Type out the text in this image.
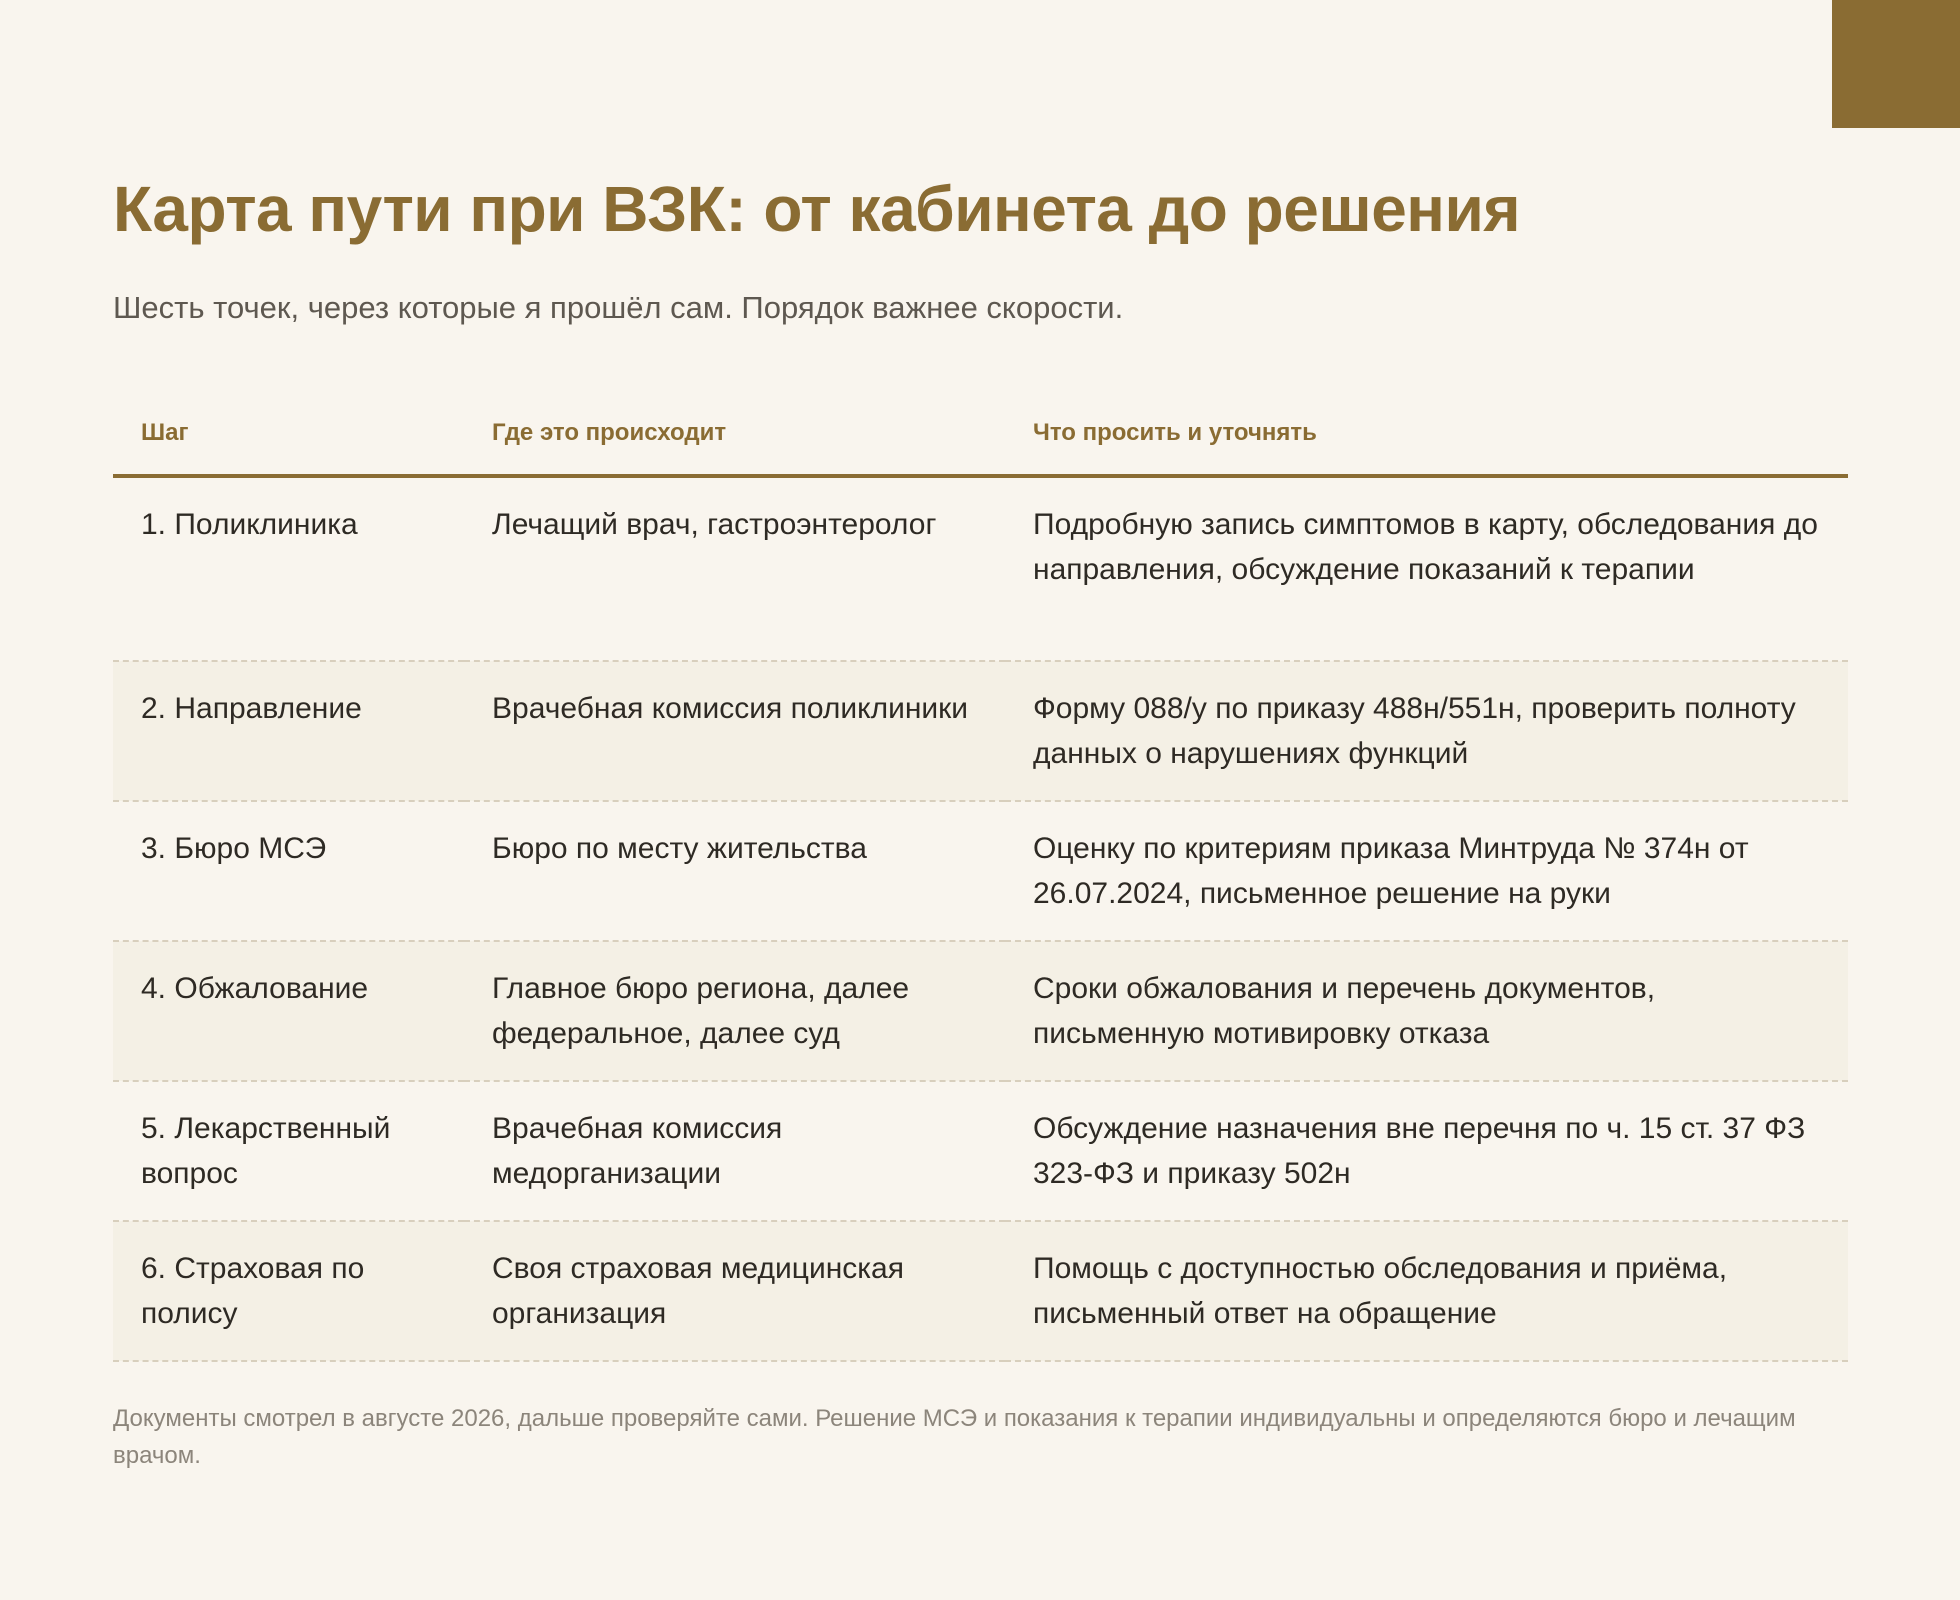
Карта пути при ВЗК: от кабинета до решения
Шесть точек, через которые я прошёл сам. Порядок важнее скорости.
Шаг	Где это происходит	Что просить и уточнять
1. Поликлиника	Лечащий врач, гастроэнтеролог	Подробную запись симптомов в карту, обследования до направления, обсуждение показаний к терапии
2. Направление	Врачебная комиссия поликлиники	Форму 088/у по приказу 488н/551н, проверить полноту данных о нарушениях функций
3. Бюро МСЭ	Бюро по месту жительства	Оценку по критериям приказа Минтруда № 374н от 26.07.2024, письменное решение на руки
4. Обжалование	Главное бюро региона, далее федеральное, далее суд	Сроки обжалования и перечень документов, письменную мотивировку отказа
5. Лекарственный вопрос	Врачебная комиссия медорганизации	Обсуждение назначения вне перечня по ч. 15 ст. 37 ФЗ 323-ФЗ и приказу 502н
6. Страховая по полису	Своя страховая медицинская организация	Помощь с доступностью обследования и приёма, письменный ответ на обращение
Документы смотрел в августе 2026, дальше проверяйте сами. Решение МСЭ и показания к терапии индивидуальны и определяются бюро и лечащим врачом.
